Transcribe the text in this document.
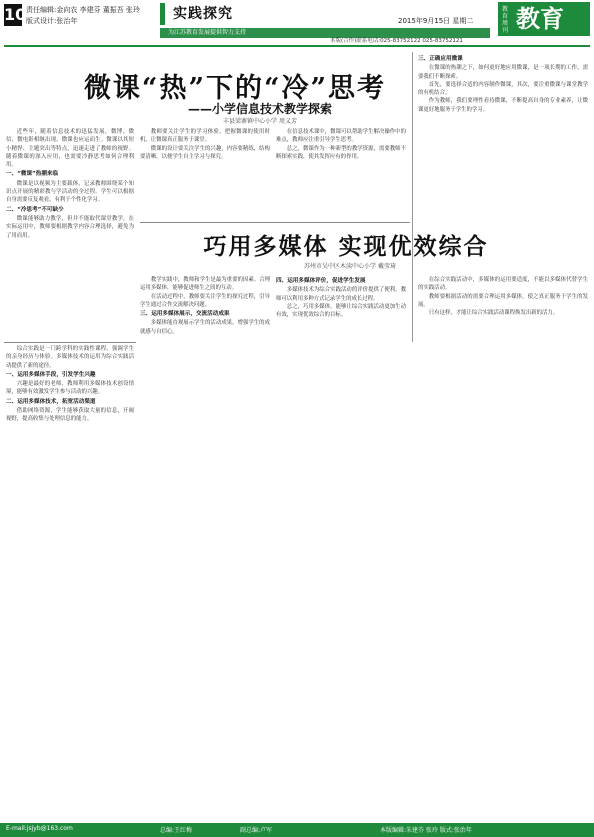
10 责任编辑:金向农 李建芬 董振吾 张玲
版式设计:张治年	实践探究
为江苏教育发展提供智力支持
2015年9月15日 星期二
教育周刊 教育
本版(合作)联系电话:025-83752122 025-83752121
微课“热”下的“冷”思考
——小学信息技术教学探索
丰县梁寨镇中心小学 周义芳

近些年，随着信息技术的迅猛发展，微博、微信、微电影相继出现，微课也应运而生。微课以其短小精悍、主题突出等特点，迅速走进了教师的视野。随着微课的深入应用，也需要冷静思考如何合理利用。

一、“微课”热潮来临

微课是以视频为主要载体，记录教师围绕某个知识点开展的精彩教与学活动的全过程。学生可以根据自身需要反复观看，有利于个性化学习。

二、“冷思考”不可缺少

微课能够助力教学，但并不能取代课堂教学。在实际运用中，教师要根据教学内容合理选择，避免为了用而用。

教师要关注学生的学习体验，把握微课的使用时机，让微课真正服务于课堂。

微课的设计要关注学生的兴趣，内容要精练，结构要清晰，以便学生自主学习与探究。

在信息技术课中，微课可以帮助学生解决操作中的难点，教师应注重引导学生思考。

总之，微课作为一种新型的教学资源，需要教师不断探索实践，使其发挥应有的作用。

三、正确应用微课

在微课的热潮之下，如何更好地应用微课，是一项长期的工作，需要我们不断探索。

首先，要选择合适的内容制作微课，其次，要注重微课与课堂教学的有机结合。

作为教师，我们要理性看待微课，不断提高自身的专业素养，让微课更好地服务于学生的学习。

巧用多媒体 实现优效综合
苏州市吴中区木渎中心小学 戴莹琦

综合实践是一门跨学科的实践性课程，强调学生的亲身经历与体验。多媒体技术的运用为综合实践活动提供了新的途径。

一、运用多媒体手段，引发学生兴趣

兴趣是最好的老师，教师利用多媒体技术创设情境，能够有效激发学生参与活动的兴趣。

二、运用多媒体技术，拓宽活动渠道

借助网络资源，学生能够获取大量的信息，开阔视野，提高收集与处理信息的能力。

教学实践中，教师和学生是最为重要的因素。合理运用多媒体，能够促进师生之间的互动。

在活动过程中，教师要关注学生的探究过程，引导学生通过合作交流解决问题。

三、运用多媒体展示，交流活动成果

多媒体能直观展示学生的活动成果，增强学生的成就感与自信心。

四、运用多媒体评价，促进学生发展

多媒体技术为综合实践活动的评价提供了便利，教师可以利用多种方式记录学生的成长过程。

总之，巧用多媒体，能够让综合实践活动更加生动有效，实现优效综合的目标。

在综合实践活动中，多媒体的运用要适度，不能以多媒体代替学生的实践活动。

教师要根据活动的需要合理运用多媒体，使之真正服务于学生的发展。

只有这样，才能让综合实践活动课程焕发出新的活力。

E-mail:jsjyb@163.com	总编:王红梅	副总编:卢军	本版编辑:朱建芬 张玲 版式:张治年
